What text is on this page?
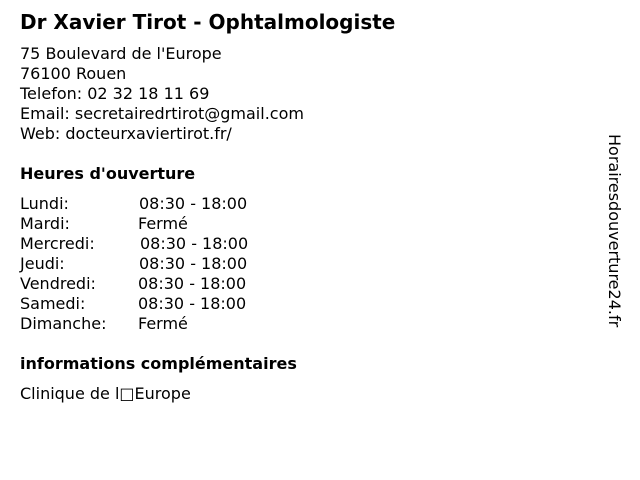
Dr Xavier Tirot - Ophtalmologiste
75 Boulevard de l'Europe
76100 Rouen
Telefon: 02 32 18 11 69
Email: secretairedrtirot@gmail.com
Web: docteurxaviertirot.fr/
Heures d'ouverture
Lundi:	08:30 - 18:00
Mardi:	Fermé
Mercredi:	08:30 - 18:00
Jeudi:	08:30 - 18:00
Vendredi:	08:30 - 18:00
Samedi:	08:30 - 18:00
Dimanche: Fermé
informations complémentaires
Clinique de l□Europe
Horairesdouverture24.fr
